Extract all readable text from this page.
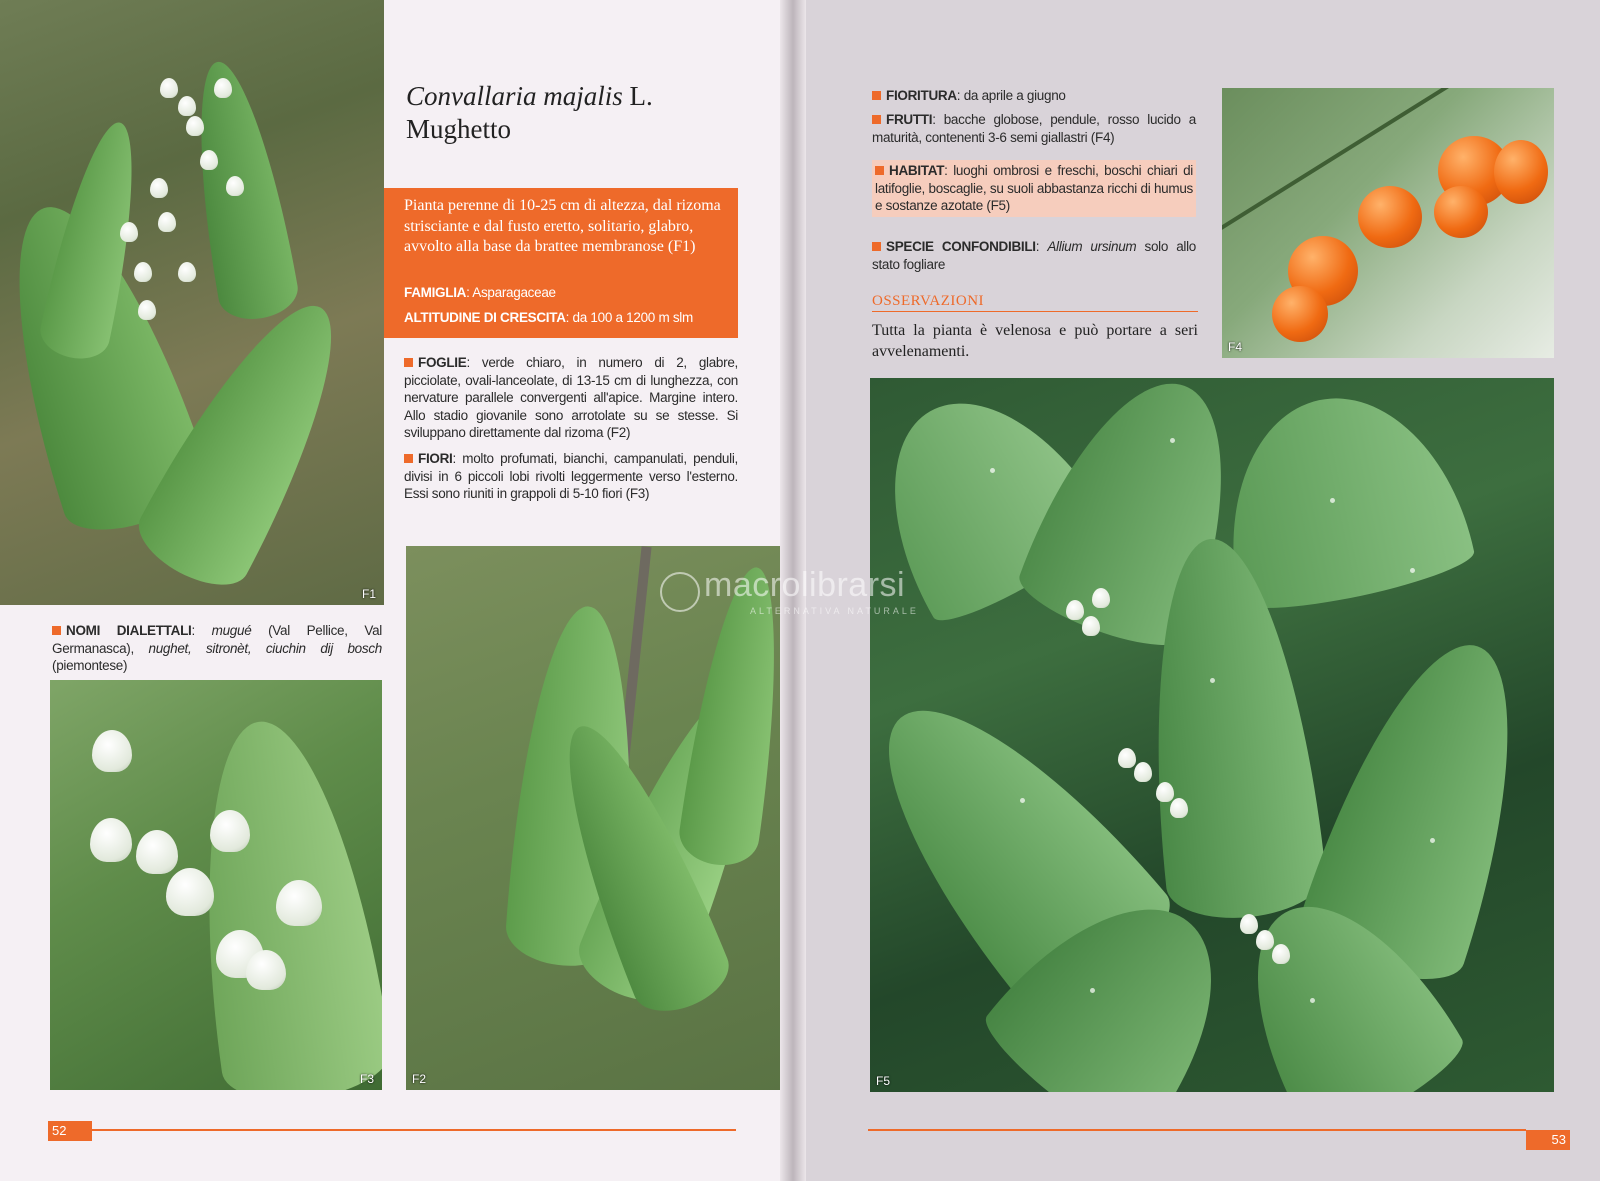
F1
Convallaria majalis L.
Mughetto
Pianta perenne di 10-25 cm di altezza, dal rizoma strisciante e dal fusto eretto, solitario, glabro, avvolto alla base da brattee membranose (F1)
FAMIGLIA: Asparagaceae
ALTITUDINE DI CRESCITA: da 100 a 1200 m slm
FOGLIE: verde chiaro, in numero di 2, glabre, picciolate, ovali-lanceolate, di 13-15 cm di lunghezza, con nervature parallele convergenti all'apice. Margine intero. Allo stadio giovanile sono arrotolate su se stesse. Si sviluppano direttamente dal rizoma (F2)
FIORI: molto profumati, bianchi, campanulati, penduli, divisi in 6 piccoli lobi rivolti leggermente verso l'esterno. Essi sono riuniti in grappoli di 5-10 fiori (F3)
NOMI DIALETTALI: mugué (Val Pellice, Val Germanasca), nughet, sitronèt, ciuchin dij bosch (piemontese)
F3	F2
52
FIORITURA: da aprile a giugno
FRUTTI: bacche globose, pendule, rosso lucido a maturità, contenenti 3-6 semi giallastri (F4)
HABITAT: luoghi ombrosi e freschi, boschi chiari di latifoglie, boscaglie, su suoli abbastanza ricchi di humus e sostanze azotate (F5)
SPECIE CONFONDIBILI: Allium ursinum solo allo stato fogliare
OSSERVAZIONI
Tutta la pianta è velenosa e può portare a seri avvelenamenti.	F4
F5
53
macrolibrarsi
ALTERNATIVA NATURALE
